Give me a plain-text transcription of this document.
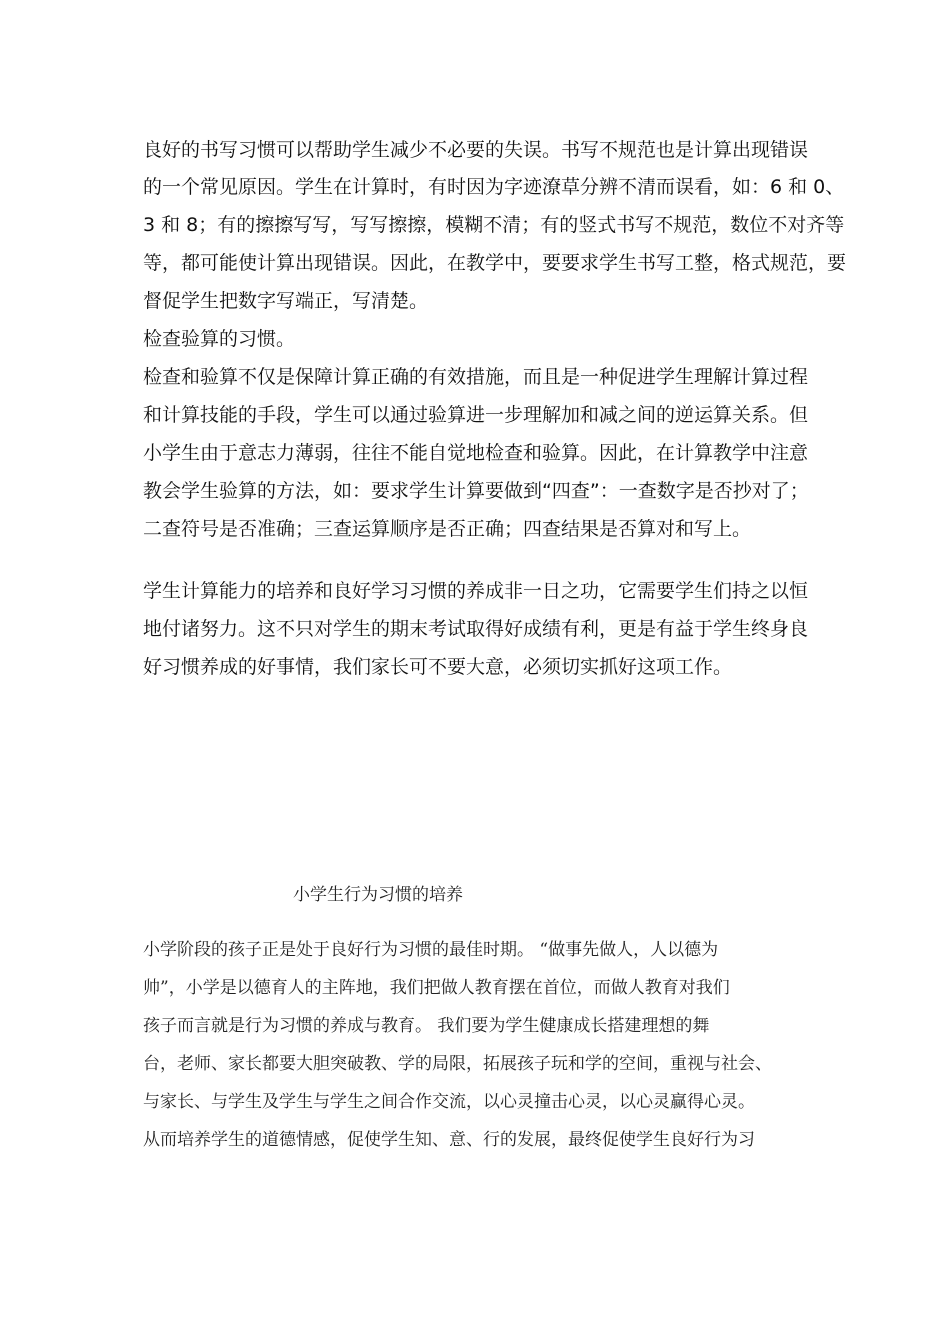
良好的书写习惯可以帮助学生减少不必要的失误。书写不规范也是计算出现错误
的一个常见原因。学生在计算时，有时因为字迹潦草分辨不清而误看，如：6 和 0、
3 和 8；有的擦擦写写，写写擦擦，模糊不清；有的竖式书写不规范，数位不对齐等
等，都可能使计算出现错误。因此，在教学中，要要求学生书写工整，格式规范，要
督促学生把数字写端正，写清楚。
检查验算的习惯。
检查和验算不仅是保障计算正确的有效措施，而且是一种促进学生理解计算过程
和计算技能的手段，学生可以通过验算进一步理解加和减之间的逆运算关系。但
小学生由于意志力薄弱，往往不能自觉地检查和验算。因此，在计算教学中注意
教会学生验算的方法，如：要求学生计算要做到“四查”：一查数字是否抄对了；
二查符号是否准确；三查运算顺序是否正确；四查结果是否算对和写上。
学生计算能力的培养和良好学习习惯的养成非一日之功，它需要学生们持之以恒
地付诸努力。这不只对学生的期末考试取得好成绩有利，更是有益于学生终身良
好习惯养成的好事情，我们家长可不要大意，必须切实抓好这项工作。
小学生行为习惯的培养
小学阶段的孩子正是处于良好行为习惯的最佳时期。 “做事先做人，人以德为
帅”，小学是以德育人的主阵地，我们把做人教育摆在首位，而做人教育对我们
孩子而言就是行为习惯的养成与教育。 我们要为学生健康成长搭建理想的舞
台，老师、家长都要大胆突破教、学的局限，拓展孩子玩和学的空间，重视与社会、
与家长、与学生及学生与学生之间合作交流，以心灵撞击心灵，以心灵赢得心灵。
从而培养学生的道德情感，促使学生知、意、行的发展，最终促使学生良好行为习
